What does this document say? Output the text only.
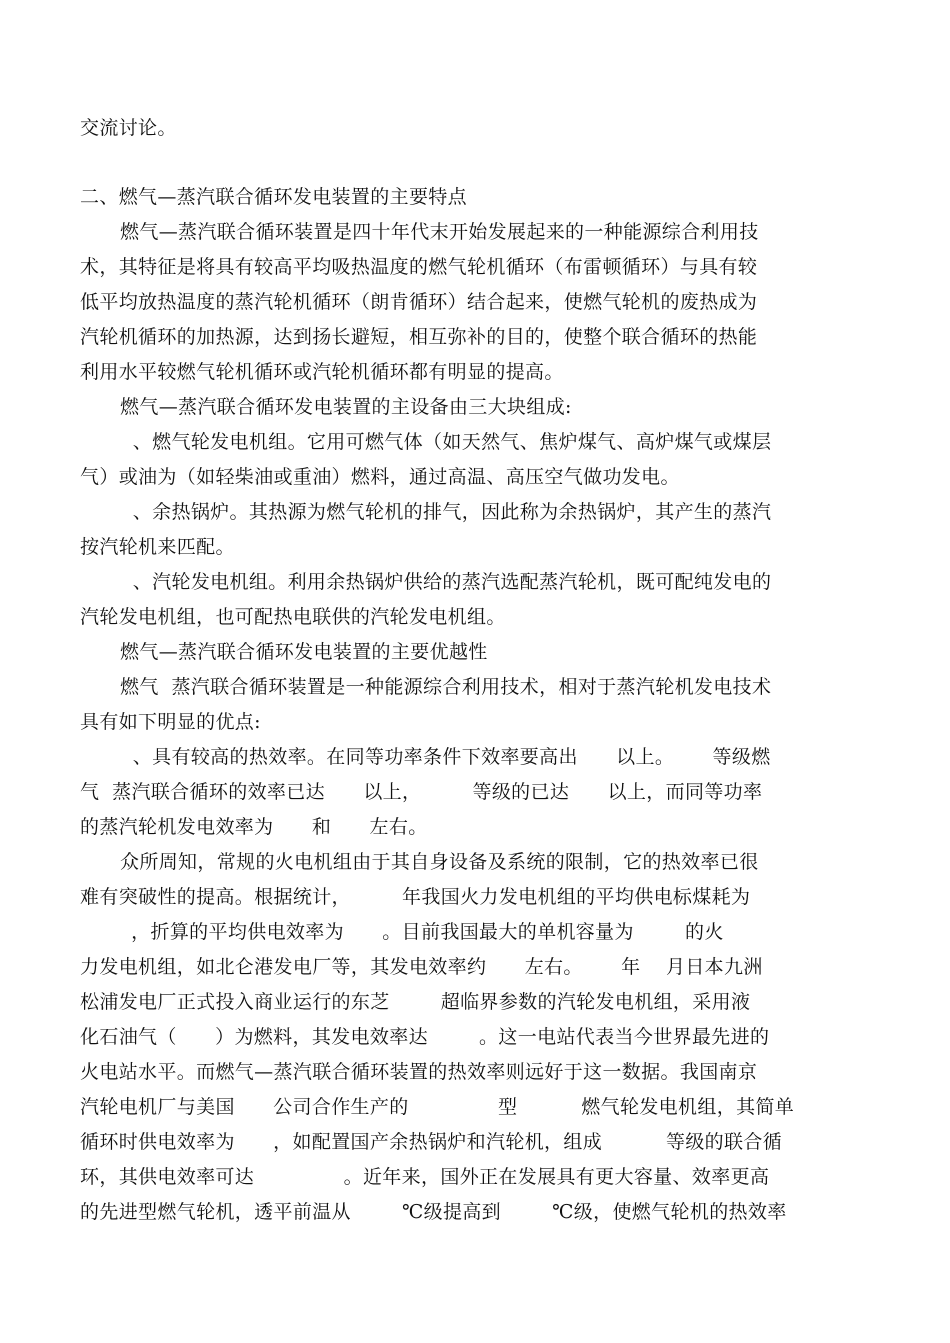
交流讨论。
二、燃气—蒸汽联合循环发电装置的主要特点
燃气—蒸汽联合循环装置是四十年代末开始发展起来的一种能源综合利用技
术，其特征是将具有较高平均吸热温度的燃气轮机循环（布雷顿循环）与具有较
低平均放热温度的蒸汽轮机循环（朗肯循环）结合起来，使燃气轮机的废热成为
汽轮机循环的加热源，达到扬长避短，相互弥补的目的，使整个联合循环的热能
利用水平较燃气轮机循环或汽轮机循环都有明显的提高。
燃气—蒸汽联合循环发电装置的主设备由三大块组成:
、燃气轮发电机组。它用可燃气体（如天然气、焦炉煤气、高炉煤气或煤层
气）或油为（如轻柴油或重油）燃料，通过高温、高压空气做功发电。
、余热锅炉。其热源为燃气轮机的排气，因此称为余热锅炉，其产生的蒸汽
按汽轮机来匹配。
、汽轮发电机组。利用余热锅炉供给的蒸汽选配蒸汽轮机，既可配纯发电的
汽轮发电机组，也可配热电联供的汽轮发电机组。
燃气—蒸汽联合循环发电装置的主要优越性
燃气  蒸汽联合循环装置是一种能源综合利用技术，相对于蒸汽轮机发电技术
具有如下明显的优点:
、具有较高的热效率。在同等功率条件下效率要高出      以上。      等级燃
气  蒸汽联合循环的效率已达      以上，        等级的已达      以上，而同等功率
的蒸汽轮机发电效率为      和      左右。
众所周知，常规的火电机组由于其自身设备及系统的限制，它的热效率已很
难有突破性的提高。根据统计，        年我国火力发电机组的平均供电标煤耗为
，折算的平均供电效率为      。目前我国最大的单机容量为        的火
力发电机组，如北仑港发电厂等，其发电效率约      左右。      年    月日本九洲
松浦发电厂正式投入商业运行的东芝        超临界参数的汽轮发电机组，采用液
化石油气（      ）为燃料，其发电效率达        。这一电站代表当今世界最先进的
火电站水平。而燃气—蒸汽联合循环装置的热效率则远好于这一数据。我国南京
汽轮电机厂与美国      公司合作生产的              型          燃气轮发电机组，其简单
循环时供电效率为      ，如配置国产余热锅炉和汽轮机，组成          等级的联合循
环，其供电效率可达              。近年来，国外正在发展具有更大容量、效率更高
的先进型燃气轮机，透平前温从        ℃级提高到        ℃级，使燃气轮机的热效率
